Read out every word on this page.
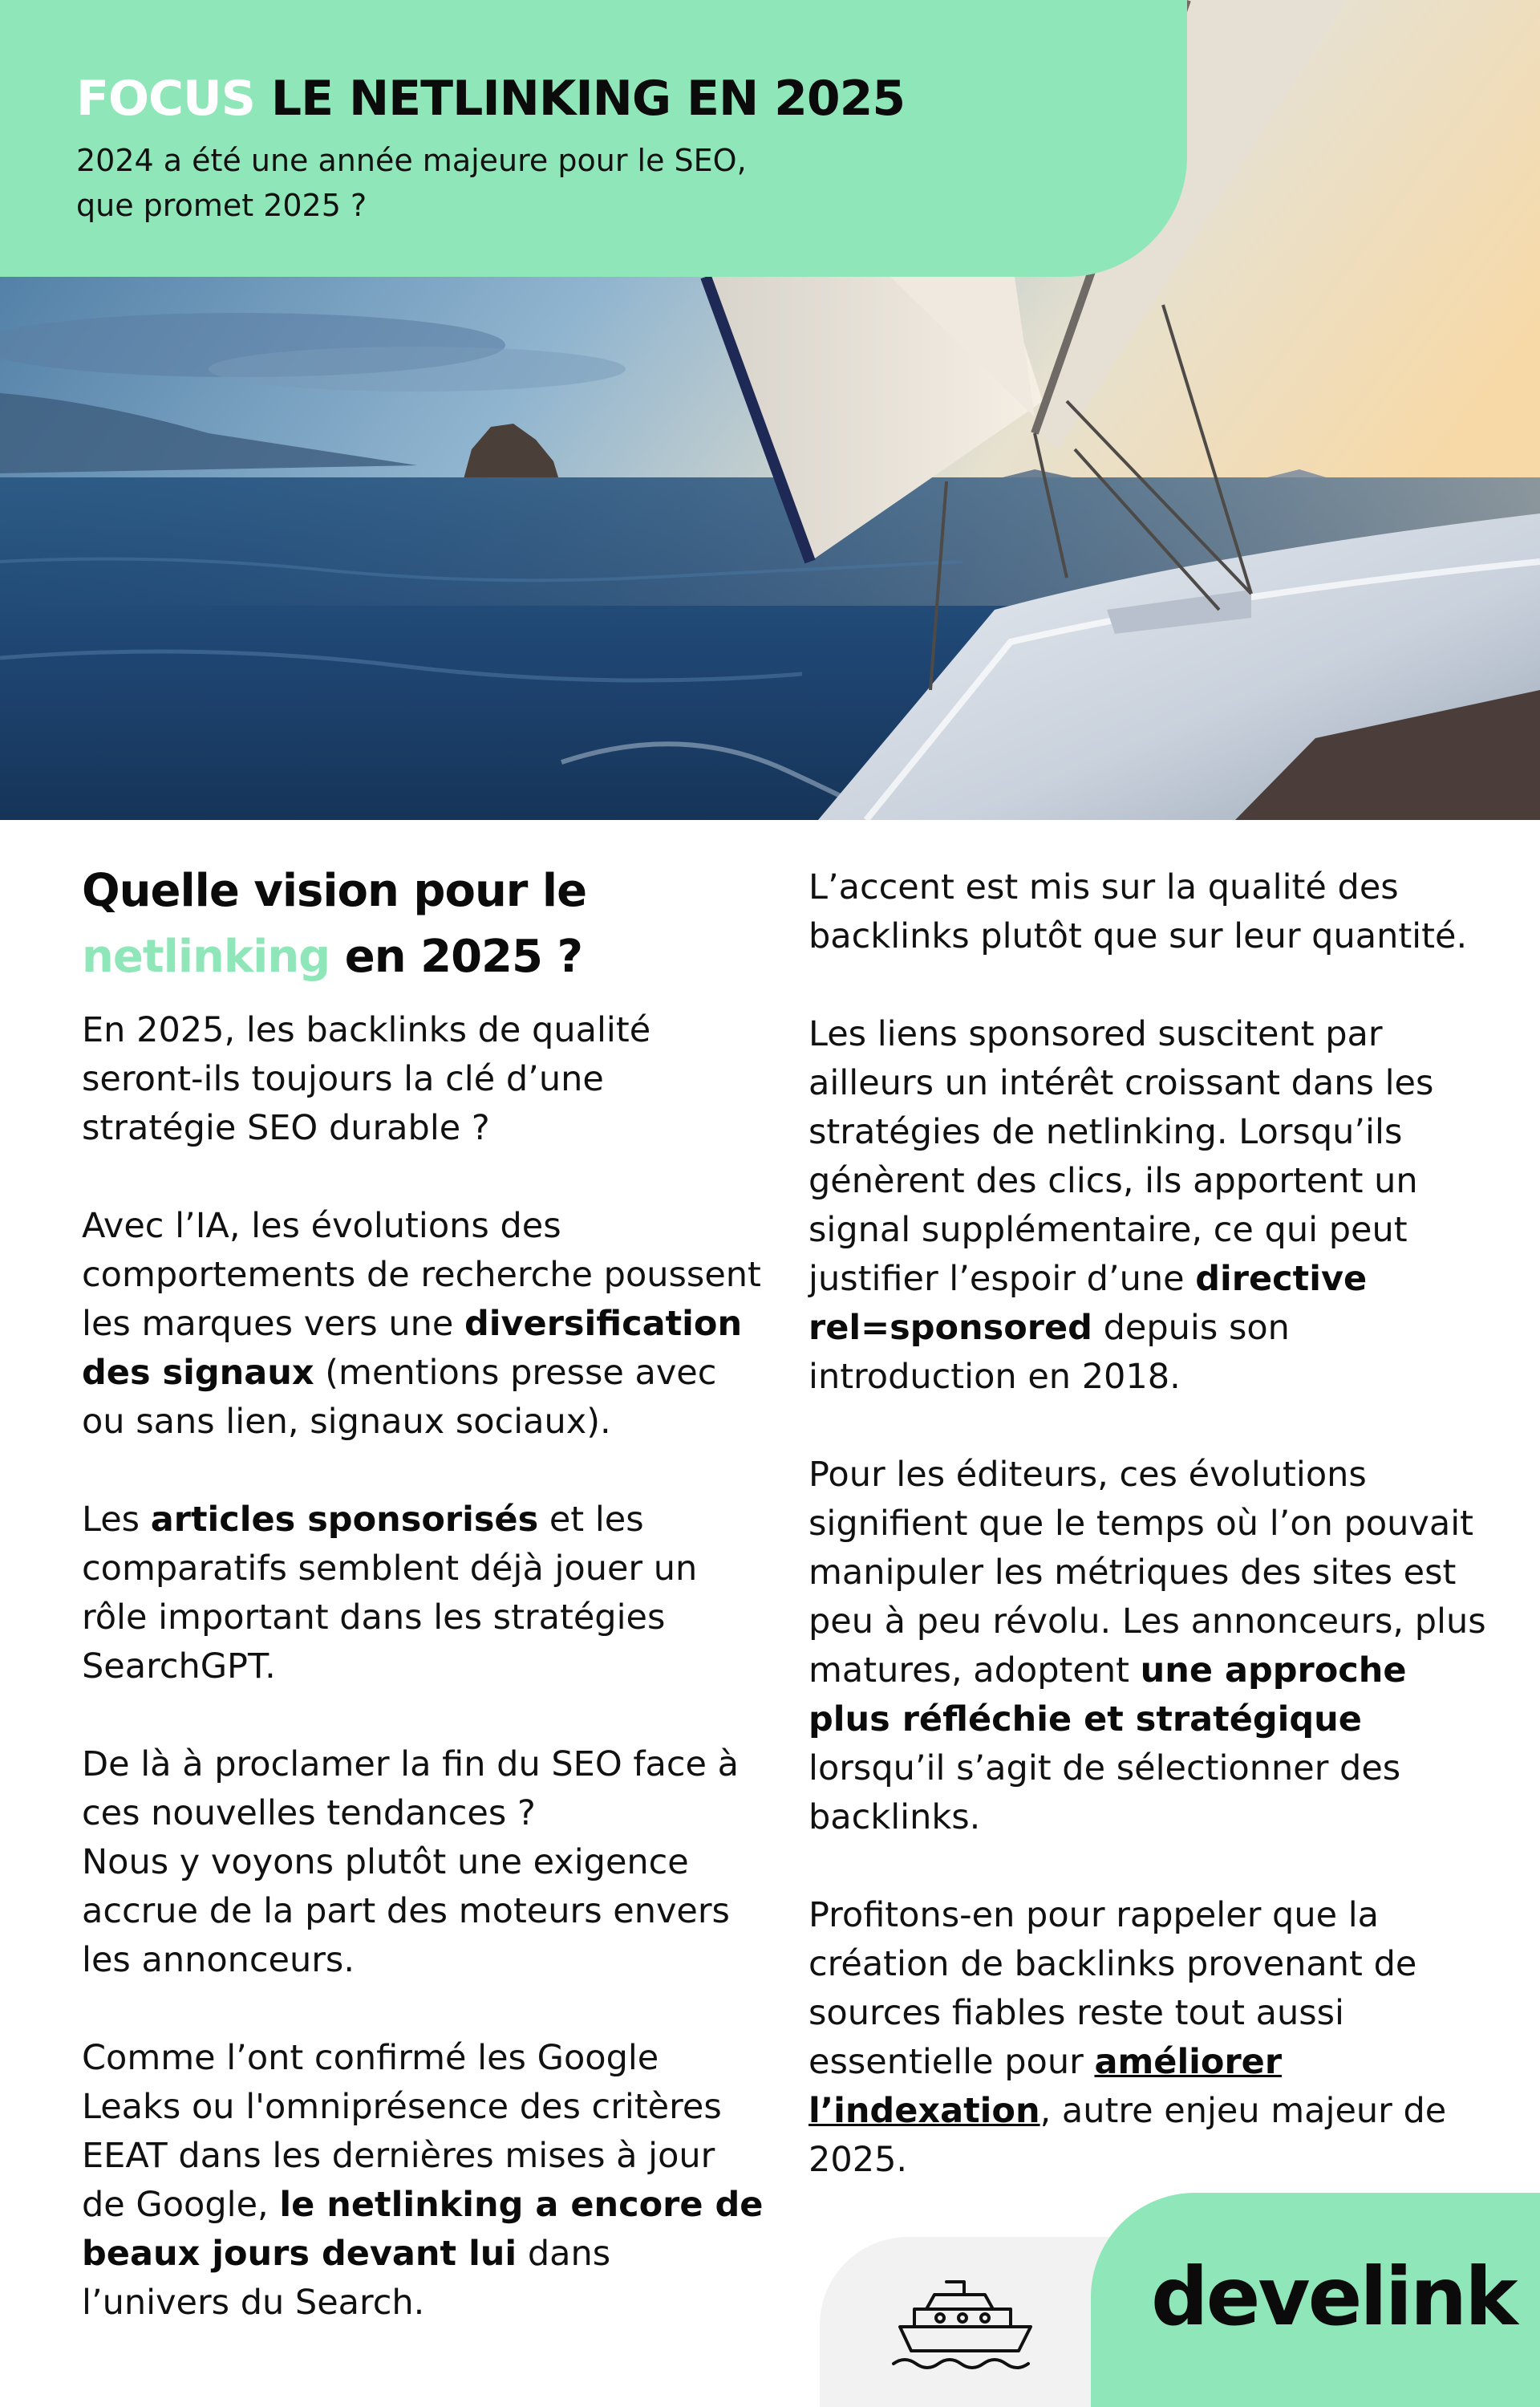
FOCUS LE NETLINKING EN 2025
2024 a été une année majeure pour le SEO,
que promet 2025 ?
Quelle vision pour le
netlinking en 2025 ?

En 2025, les backlinks de qualité seront-ils toujours la clé d’une stratégie SEO durable ?

Avec l’IA, les évolutions des comportements de recherche poussent les marques vers une diversification des signaux (mentions presse avec ou sans lien, signaux sociaux).

Les articles sponsorisés et les comparatifs semblent déjà jouer un rôle important dans les stratégies SearchGPT.

De là à proclamer la fin du SEO face à ces nouvelles tendances ?
Nous y voyons plutôt une exigence accrue de la part des moteurs envers les annonceurs.

Comme l’ont confirmé les Google Leaks ou l'omniprésence des critères EEAT dans les dernières mises à jour de Google, le netlinking a encore de beaux jours devant lui dans l’univers du Search.

L’accent est mis sur la qualité des backlinks plutôt que sur leur quantité.

Les liens sponsored suscitent par ailleurs un intérêt croissant dans les stratégies de netlinking. Lorsqu’ils génèrent des clics, ils apportent un signal supplémentaire, ce qui peut justifier l’espoir d’une directive rel=sponsored depuis son introduction en 2018.

Pour les éditeurs, ces évolutions signifient que le temps où l’on pouvait manipuler les métriques des sites est peu à peu révolu. Les annonceurs, plus matures, adoptent une approche plus réfléchie et stratégique lorsqu’il s’agit de sélectionner des backlinks.

Profitons-en pour rappeler que la création de backlinks provenant de sources fiables reste tout aussi essentielle pour améliorer l’indexation, autre enjeu majeur de 2025.

develink
